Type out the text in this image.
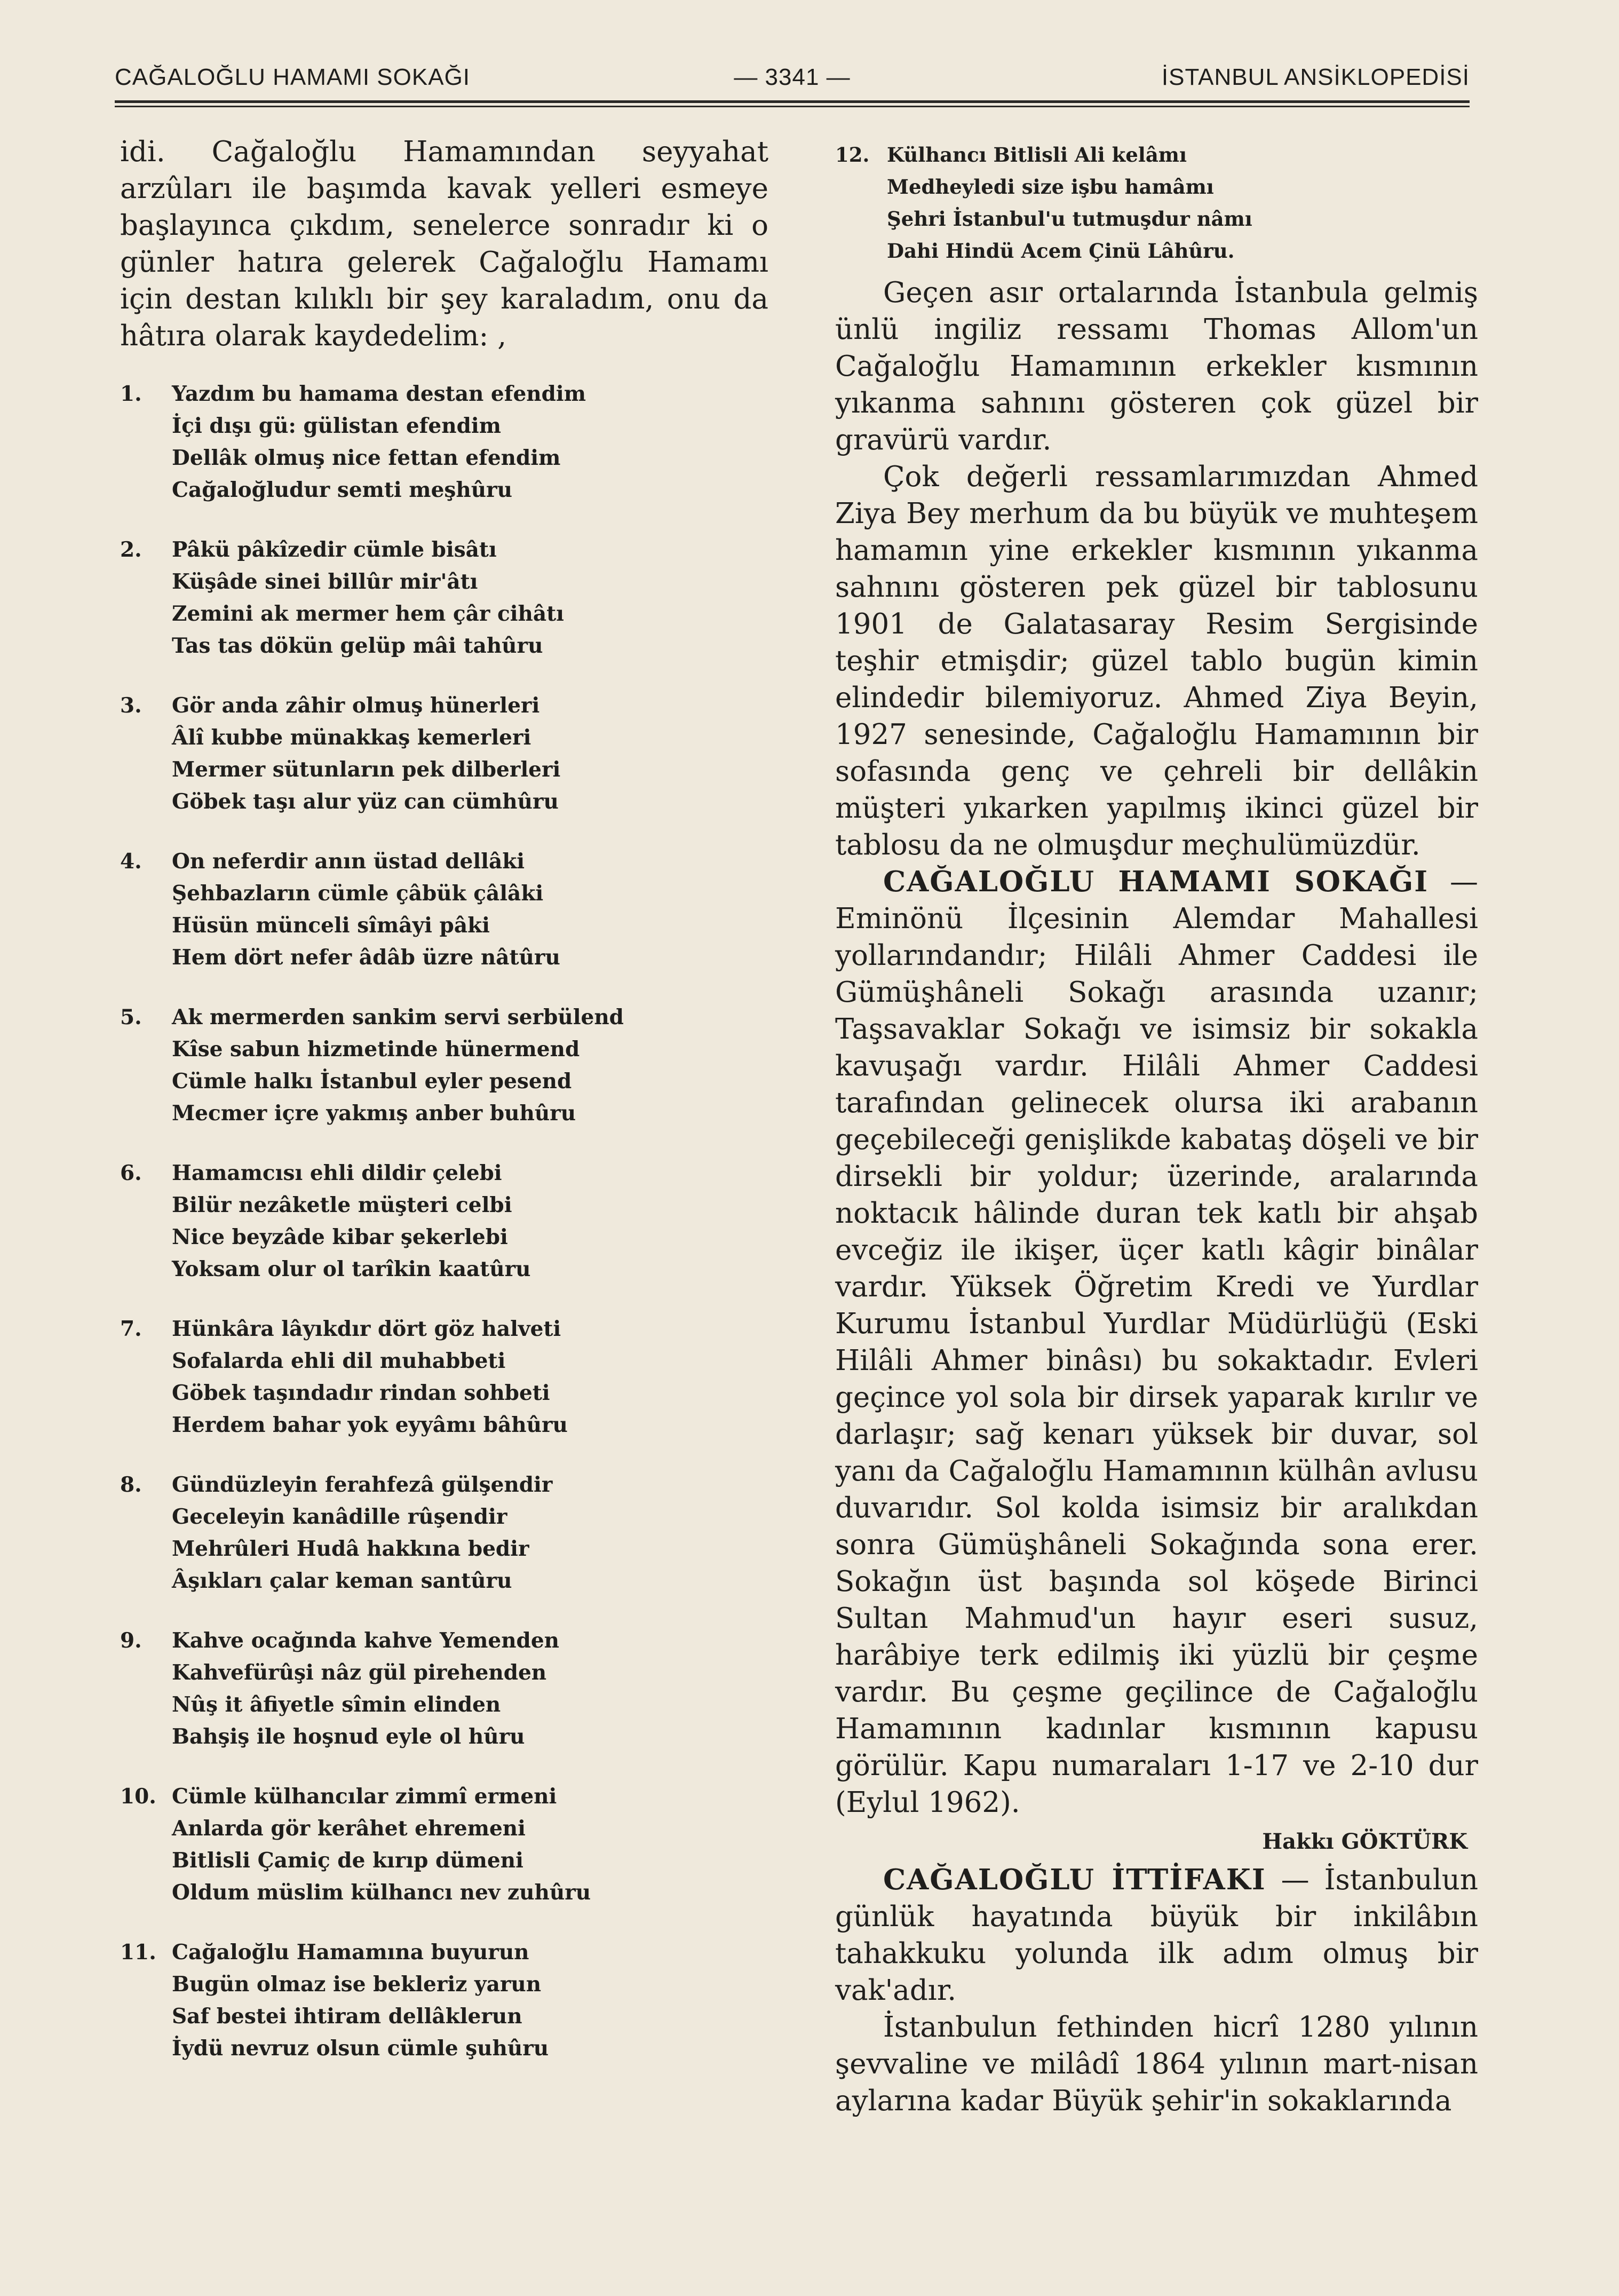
CAĞALOĞLU HAMAMI SOKAĞI	— 3341 —	İSTANBUL ANSİKLOPEDİSİ

idi. Cağaloğlu Hamamından seyyahat arzûları ile başımda kavak yelleri esmeye başlayınca çıkdım, senelerce sonradır ki o günler hatıra gelerek Cağaloğlu Hamamı için destan kılıklı bir şey karaladım, onu da hâtıra olarak kaydedelim: ,

1.	Yazdım bu hamama destan efendim
İçi dışı gü: gülistan efendim
Dellâk olmuş nice fettan efendim
Cağaloğludur semti meşhûru
2.	Pâkü pâkîzedir cümle bisâtı
Küşâde sinei billûr mir'âtı
Zemini ak mermer hem çâr cihâtı
Tas tas dökün gelüp mâi tahûru
3.	Gör anda zâhir olmuş hünerleri
Âlî kubbe münakkaş kemerleri
Mermer sütunların pek dilberleri
Göbek taşı alur yüz can cümhûru
4.	On neferdir anın üstad dellâki
Şehbazların cümle çâbük çâlâki
Hüsün münceli sîmâyi pâki
Hem dört nefer âdâb üzre nâtûru
5.	Ak mermerden sankim servi serbülend
Kîse sabun hizmetinde hünermend
Cümle halkı İstanbul eyler pesend
Mecmer içre yakmış anber buhûru
6.	Hamamcısı ehli dildir çelebi
Bilür nezâketle müşteri celbi
Nice beyzâde kibar şekerlebi
Yoksam olur ol tarîkin kaatûru
7.	Hünkâra lâyıkdır dört göz halveti
Sofalarda ehli dil muhabbeti
Göbek taşındadır rindan sohbeti
Herdem bahar yok eyyâmı bâhûru
8.	Gündüzleyin ferahfezâ gülşendir
Geceleyin kanâdille rûşendir
Mehrûleri Hudâ hakkına bedir
Âşıkları çalar keman santûru
9.	Kahve ocağında kahve Yemenden
Kahvefürûşi nâz gül pirehenden
Nûş it âfiyetle sîmin elinden
Bahşiş ile hoşnud eyle ol hûru
10. Cümle külhancılar zimmî ermeni
Anlarda gör kerâhet ehremeni
Bitlisli Çamiç de kırıp dümeni
Oldum müslim külhancı nev zuhûru
11. Cağaloğlu Hamamına buyurun
Bugün olmaz ise bekleriz yarun
Saf bestei ihtiram dellâklerun
İydü nevruz olsun cümle şuhûru
12. Külhancı Bitlisli Ali kelâmı
Medheyledi size işbu hamâmı
Şehri İstanbul'u tutmuşdur nâmı
Dahi Hindü Acem Çinü Lâhûru.

Geçen asır ortalarında İstanbula gelmiş ünlü ingiliz ressamı Thomas Allom'un Cağaloğlu Hamamının erkekler kısmının yıkanma sahnını gösteren çok güzel bir gravürü vardır.

Çok değerli ressamlarımızdan Ahmed Ziya Bey merhum da bu büyük ve muhteşem hamamın yine erkekler kısmının yıkanma sahnını gösteren pek güzel bir tablosunu 1901 de Galatasaray Resim Sergisinde teşhir etmişdir; güzel tablo bugün kimin elindedir bilemiyoruz. Ahmed Ziya Beyin, 1927 senesinde, Cağaloğlu Hamamının bir sofasında genç ve çehreli bir dellâkin müşteri yıkarken yapılmış ikinci güzel bir tablosu da ne olmuşdur meçhulümüzdür.

CAĞALOĞLU HAMAMI SOKAĞI — Eminönü İlçesinin Alemdar Mahallesi yollarındandır; Hilâli Ahmer Caddesi ile Gümüşhâneli Sokağı arasında uzanır; Taşsavaklar Sokağı ve isimsiz bir sokakla kavuşağı vardır. Hilâli Ahmer Caddesi tarafından gelinecek olursa iki arabanın geçebileceği genişlikde kabataş döşeli ve bir dirsekli bir yoldur; üzerinde, aralarında noktacık hâlinde duran tek katlı bir ahşab evceğiz ile ikişer, üçer katlı kâgir binâlar vardır. Yüksek Öğretim Kredi ve Yurdlar Kurumu İstanbul Yurdlar Müdürlüğü (Eski Hilâli Ahmer binâsı) bu sokaktadır. Evleri geçince yol sola bir dirsek yaparak kırılır ve darlaşır; sağ kenarı yüksek bir duvar, sol yanı da Cağaloğlu Hamamının külhân avlusu duvarıdır. Sol kolda isimsiz bir aralıkdan sonra Gümüşhâneli Sokağında sona erer. Sokağın üst başında sol köşede Birinci Sultan Mahmud'un hayır eseri susuz, harâbiye terk edilmiş iki yüzlü bir çeşme vardır. Bu çeşme geçilince de Cağaloğlu Hamamının kadınlar kısmının kapusu görülür. Kapu numaraları 1-17 ve 2-10 dur (Eylul 1962).

Hakkı GÖKTÜRK

CAĞALOĞLU İTTİFAKI — İstanbulun günlük hayatında büyük bir inkilâbın tahakkuku yolunda ilk adım olmuş bir vak'adır.

İstanbulun fethinden hicrî 1280 yılının şevvaline ve milâdî 1864 yılının mart-nisan aylarına kadar Büyük şehir'in sokaklarında
